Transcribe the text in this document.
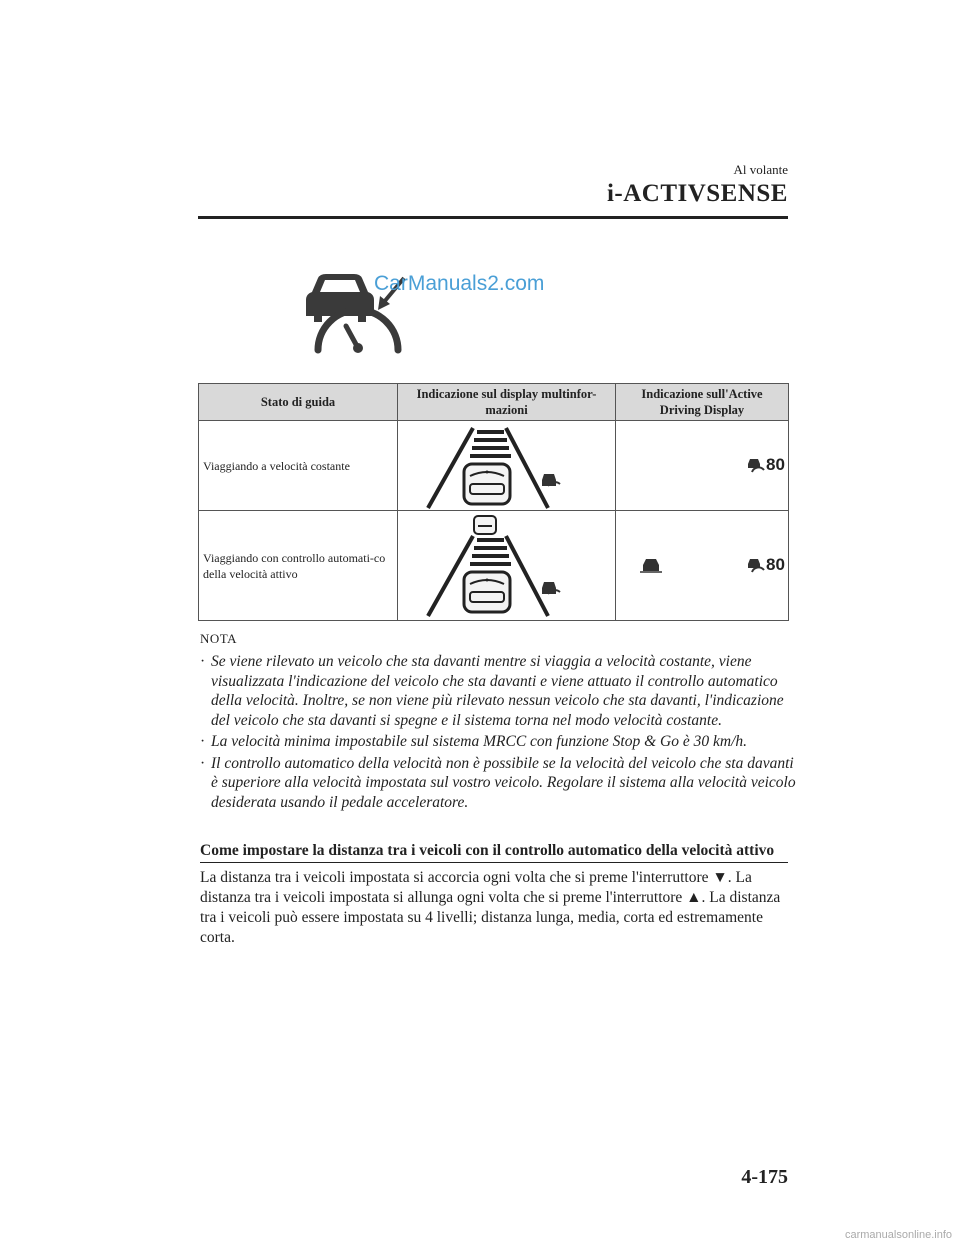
Al volante
i-ACTIVSENSE
CarManuals2.com
Stato di guida	Indicazione sul display multinfor-mazioni	Indicazione sull'Active Driving Display
Viaggiando a velocità costante		80

Viaggiando con controllo automati-co della velocità attivo		80
NOTA
· Se viene rilevato un veicolo che sta davanti mentre si viaggia a velocità costante, viene visualizzata l'indicazione del veicolo che sta davanti e viene attuato il controllo automatico della velocità. Inoltre, se non viene più rilevato nessun veicolo che sta davanti, l'indicazione del veicolo che sta davanti si spegne e il sistema torna nel modo velocità costante.
· La velocità minima impostabile sul sistema MRCC con funzione Stop & Go è 30 km/h.
· Il controllo automatico della velocità non è possibile se la velocità del veicolo che sta davanti è superiore alla velocità impostata sul vostro veicolo. Regolare il sistema alla velocità veicolo desiderata usando il pedale acceleratore.
Come impostare la distanza tra i veicoli con il controllo automatico della velocità attivo
La distanza tra i veicoli impostata si accorcia ogni volta che si preme l'interruttore ▼. La distanza tra i veicoli impostata si allunga ogni volta che si preme l'interruttore ▲. La distanza tra i veicoli può essere impostata su 4 livelli; distanza lunga, media, corta ed estremamente corta.
4-175
carmanualsonline.info
